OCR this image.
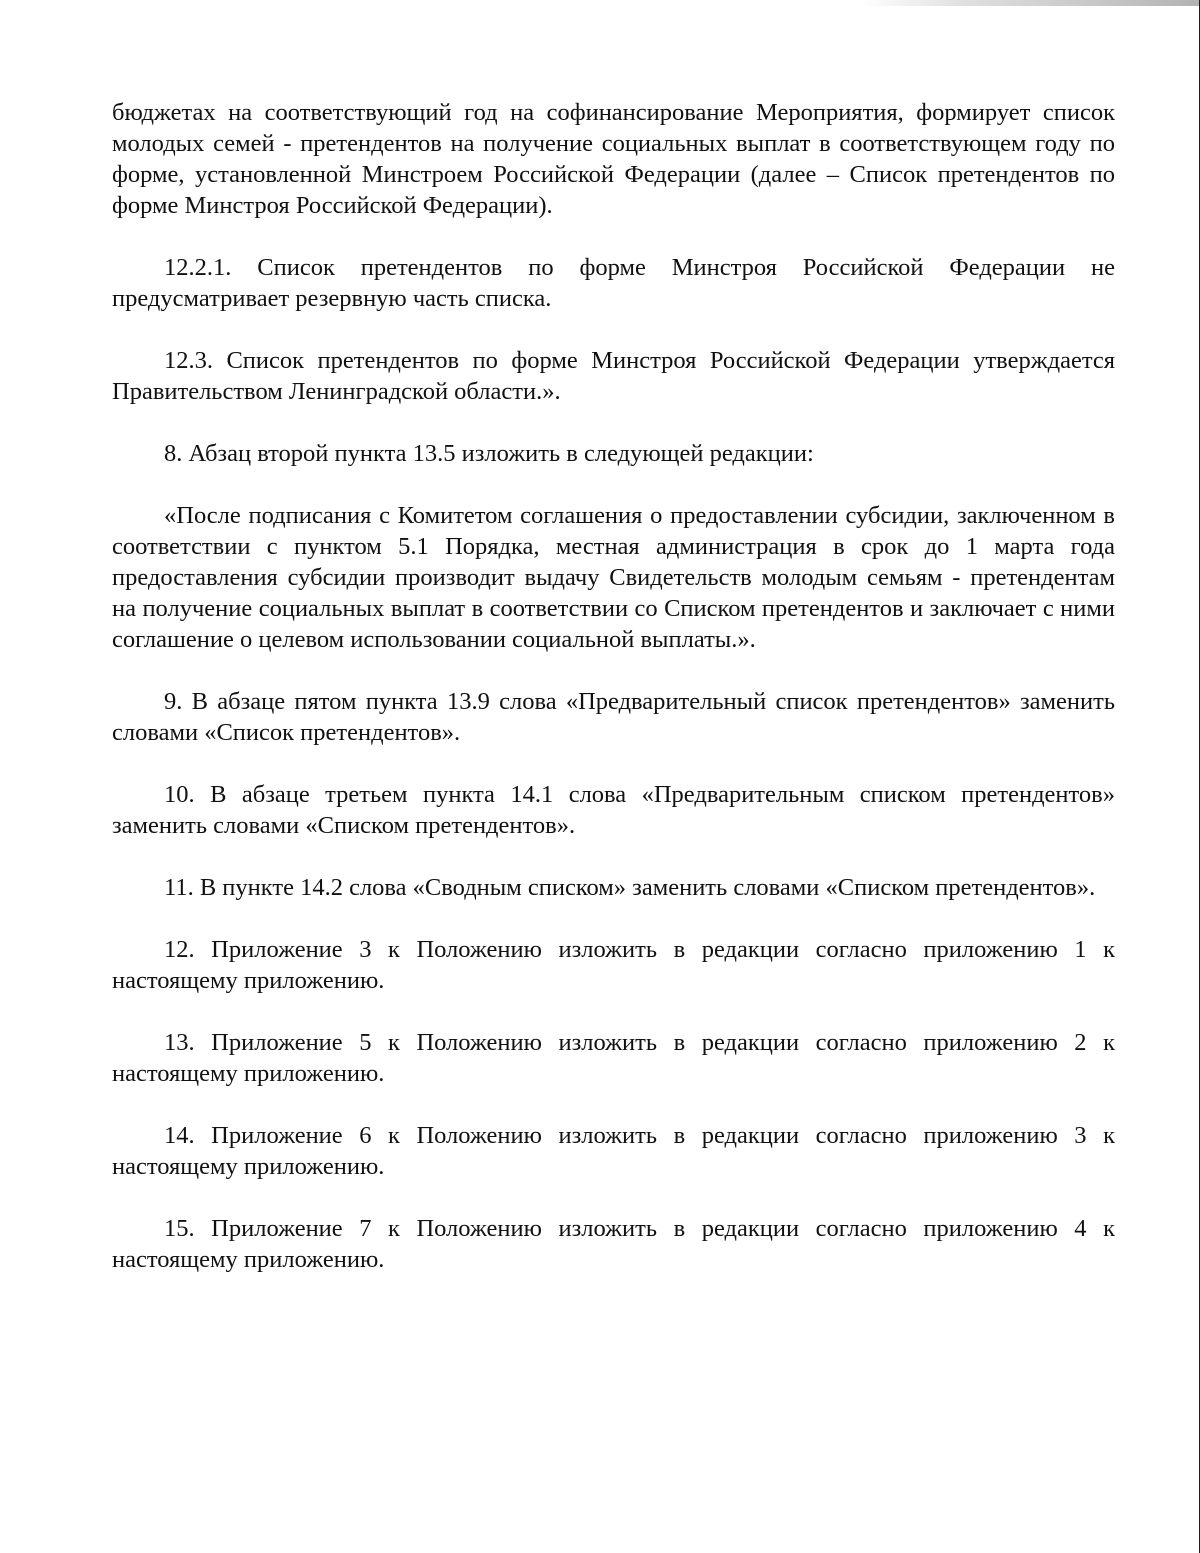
бюджетах на соответствующий год на софинансирование Мероприятия, формирует список молодых семей - претендентов на получение социальных выплат в соответствующем году по форме, установленной Минстроем Российской Федерации (далее – Список претендентов по форме Минстроя Российской Федерации).

12.2.1. Список претендентов по форме Минстроя Российской Федерации не предусматривает резервную часть списка.

12.3. Список претендентов по форме Минстроя Российской Федерации утверждается Правительством Ленинградской области.».

8. Абзац второй пункта 13.5 изложить в следующей редакции:

«После подписания с Комитетом соглашения о предоставлении субсидии, заключенном в соответствии с пунктом 5.1 Порядка, местная администрация в срок до 1 марта года предоставления субсидии производит выдачу Свидетельств молодым семьям - претендентам на получение социальных выплат в соответствии со Списком претендентов и заключает с ними соглашение о целевом использовании социальной выплаты.».

9. В абзаце пятом пункта 13.9 слова «Предварительный список претендентов» заменить словами «Список претендентов».

10. В абзаце третьем пункта 14.1 слова «Предварительным списком претендентов» заменить словами «Списком претендентов».

11. В пункте 14.2 слова «Сводным списком» заменить словами «Списком претендентов».

12. Приложение 3 к Положению изложить в редакции согласно приложению 1 к настоящему приложению.

13. Приложение 5 к Положению изложить в редакции согласно приложению 2 к настоящему приложению.

14. Приложение 6 к Положению изложить в редакции согласно приложению 3 к настоящему приложению.

15. Приложение 7 к Положению изложить в редакции согласно приложению 4 к настоящему приложению.
